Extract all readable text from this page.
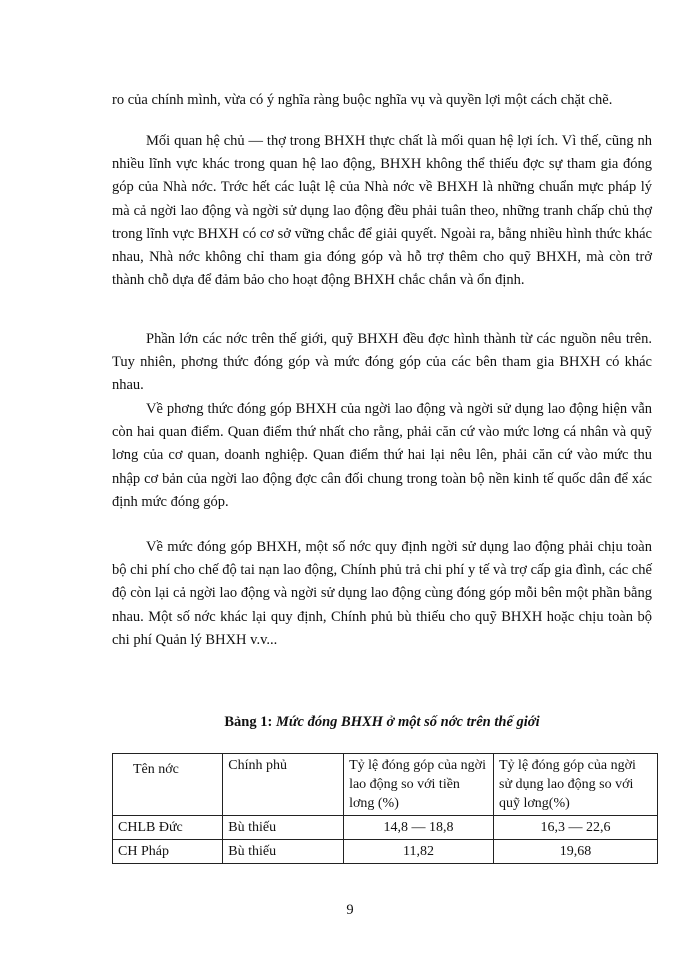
ro của chính mình, vừa có ý nghĩa ràng buộc nghĩa vụ và quyền lợi một cách chặt chẽ.

Mối quan hệ chủ — thợ trong BHXH thực chất là mối quan hệ lợi ích. Vì thế, cũng nh nhiều lĩnh vực khác trong quan hệ lao động, BHXH không thể thiếu đợc sự tham gia đóng góp của Nhà nớc. Trớc hết các luật lệ của Nhà nớc về BHXH là những chuẩn mực pháp lý mà cả ngời lao động và ngời sử dụng lao động đều phải tuân theo, những tranh chấp chủ thợ trong lĩnh vực BHXH có cơ sở vững chắc để giải quyết. Ngoài ra, bằng nhiều hình thức khác nhau, Nhà nớc không chỉ tham gia đóng góp và hỗ trợ thêm cho quỹ BHXH, mà còn trở thành chỗ dựa để đảm bảo cho hoạt động BHXH chắc chắn và ổn định.

Phần lớn các nớc trên thế giới, quỹ BHXH đều đợc hình thành từ các nguồn nêu trên. Tuy nhiên, phơng thức đóng góp và mức đóng góp của các bên tham gia BHXH có khác nhau.

Về phơng thức đóng góp BHXH của ngời lao động và ngời sử dụng lao động hiện vẫn còn hai quan điểm. Quan điểm thứ nhất cho rằng, phải căn cứ vào mức lơng cá nhân và quỹ lơng của cơ quan, doanh nghiệp. Quan điểm thứ hai lại nêu lên, phải căn cứ vào mức thu nhập cơ bản của ngời lao động đợc cân đối chung trong toàn bộ nền kinh tế quốc dân để xác định mức đóng góp.

Về mức đóng góp BHXH, một số nớc quy định ngời sử dụng lao động phải chịu toàn bộ chi phí cho chế độ tai nạn lao động, Chính phủ trả chi phí y tế và trợ cấp gia đình, các chế độ còn lại cả ngời lao động và ngời sử dụng lao động cùng đóng góp mỗi bên một phần bằng nhau. Một số nớc khác lại quy định, Chính phủ bù thiếu cho quỹ BHXH hoặc chịu toàn bộ chi phí Quản lý BHXH v.v...

Bảng 1: Mức đóng BHXH ở một số nớc trên thế giới
Tên nớc	Chính phủ	Tỷ lệ đóng góp của ngời lao động so với tiền lơng (%)	Tỷ lệ đóng góp của ngời sử dụng lao động so với quỹ lơng(%)
CHLB Đức	Bù thiếu	14,8 — 18,8	16,3 — 22,6
CH Pháp	Bù thiếu	11,82	19,68
9
